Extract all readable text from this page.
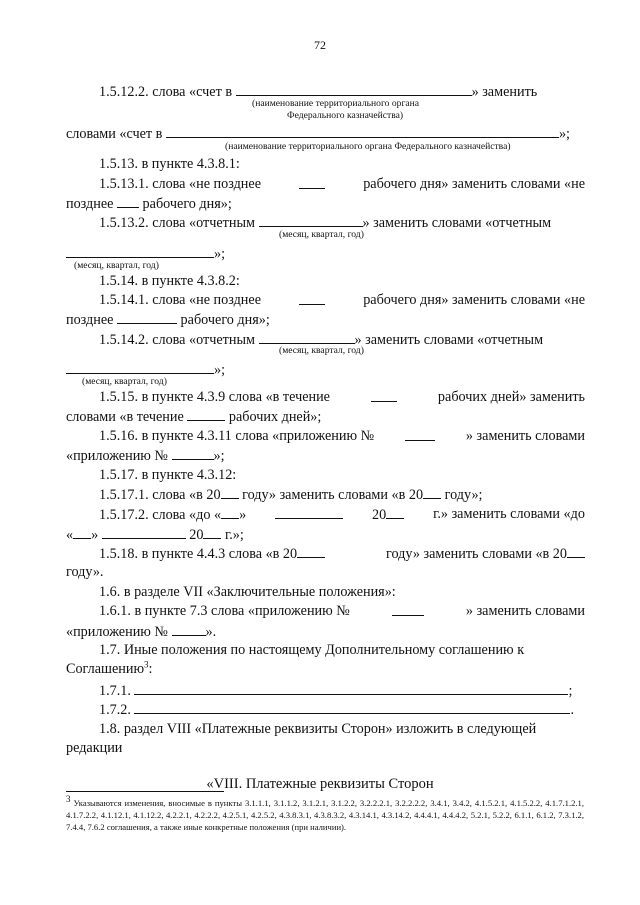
72
1.5.12.2. слова «счет в	» заменить
(наименование территориального органа
Федерального казначейства)
словами «счет в	»;
(наименование территориального органа Федерального казначейства)
1.5.13. в пункте 4.3.8.1:
1.5.13.1. слова «не позднее	рабочего дня» заменить словами «не
позднее рабочего дня»;
1.5.13.2. слова «отчетным	» заменить словами «отчетным
(месяц, квартал, год)
»;
(месяц, квартал, год)
1.5.14. в пункте 4.3.8.2:
1.5.14.1. слова «не позднее	рабочего дня» заменить словами «не
позднее	рабочего дня»;
1.5.14.2. слова «отчетным	» заменить словами «отчетным
(месяц, квартал, год)
»;
(месяц, квартал, год)
1.5.15. в пункте 4.3.9 слова «в течение	рабочих дней» заменить
словами «в течение	рабочих дней»;
1.5.16. в пункте 4.3.11 слова «приложению №	» заменить словами
«приложению №	»;
1.5.17. в пункте 4.3.12:
1.5.17.1. слова «в 20 году» заменить словами «в 20 году»;
1.5.17.2. слова «до « »	20	г.» заменить словами «до
« »	20 г.»;
1.5.18. в пункте 4.4.3 слова «в 20	году» заменить словами «в 20
году».
1.6. в разделе VII «Заключительные положения»:
1.6.1. в пункте 7.3 слова «приложению №	» заменить словами
«приложению №	».
1.7. Иные положения по настоящему Дополнительному соглашению к
Соглашению$^3$:
1.7.1.	;
1.7.2.	.
1.8. раздел VIII «Платежные реквизиты Сторон» изложить в следующей
редакции
«VIII. Платежные реквизиты Сторон
$^3$ Указываются изменения, вносимые в пункты 3.1.1.1, 3.1.1.2, 3.1.2.1, 3.1.2.2, 3.2.2.2.1, 3.2.2.2.2, 3.4.1, 3.4.2, 4.1.5.2.1, 4.1.5.2.2, 4.1.7.1.2.1, 4.1.7.2.2, 4.1.12.1, 4.1.12.2, 4.2.2.1, 4.2.2.2, 4.2.5.1, 4.2.5.2, 4.3.8.3.1, 4.3.8.3.2, 4.3.14.1, 4.3.14.2, 4.4.4.1, 4.4.4.2, 5.2.1, 5.2.2, 6.1.1, 6.1.2, 7.3.1.2, 7.4.4, 7.6.2 соглашения, а также иные конкретные положения (при наличии).
